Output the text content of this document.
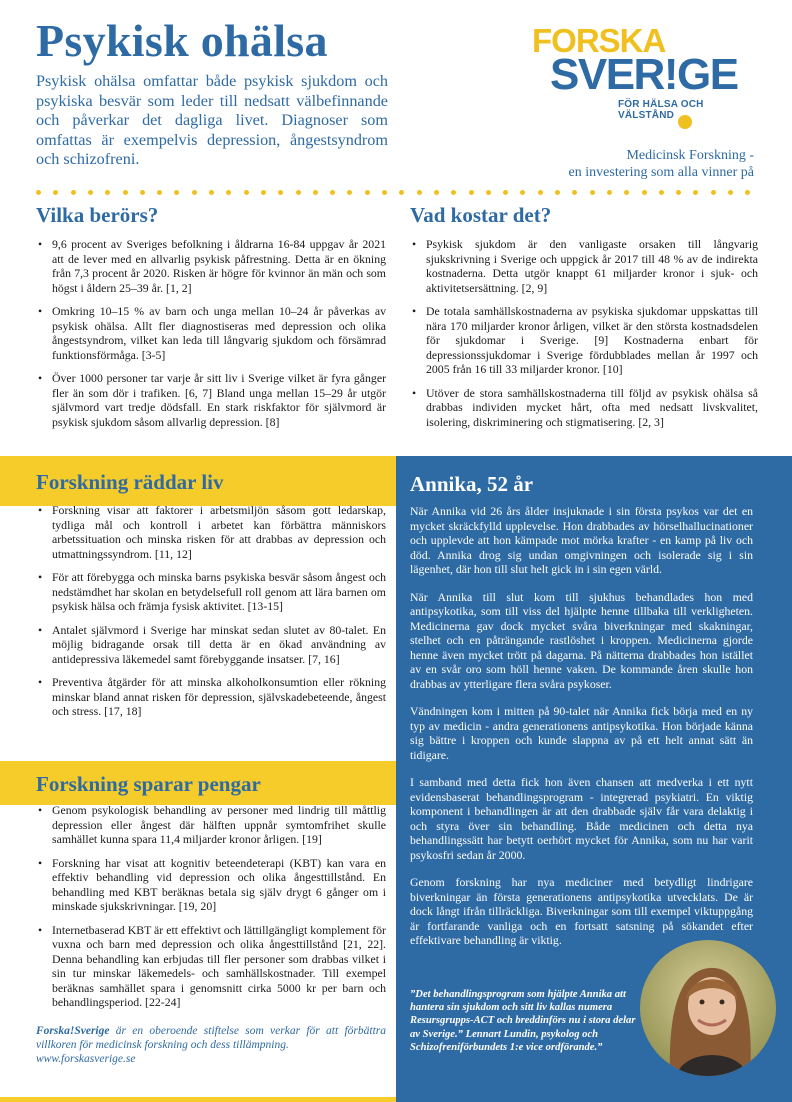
Psykisk ohälsa

Psykisk ohälsa omfattar både psykisk sjukdom och psykiska besvär som leder till nedsatt välbefinnande och påverkar det dagliga livet. Diagnoser som omfattas är exempelvis depression, ångestsyndrom och schizofreni.

FORSKA
SVER!GE
FÖR HÄLSA OCH VÄLSTÅND
Medicinsk Forskning -
en investering som alla vinner på
Vilka berörs?
• 9,6 procent av Sveriges befolkning i åldrarna 16-84 uppgav år 2021 att de lever med en allvarlig psykisk påfrestning. Detta är en ökning från 7,3 procent år 2020. Risken är högre för kvinnor än män och som högst i åldern 25–39 år. [1, 2]
• Omkring 10–15 % av barn och unga mellan 10–24 år påverkas av psykisk ohälsa. Allt fler diagnostiseras med depression och olika ångestsyndrom, vilket kan leda till långvarig sjukdom och försämrad funktionsförmåga. [3-5]
• Över 1000 personer tar varje år sitt liv i Sverige vilket är fyra gånger fler än som dör i trafiken. [6, 7] Bland unga mellan 15–29 år utgör självmord vart tredje dödsfall. En stark riskfaktor för självmord är psykisk sjukdom såsom allvarlig depression. [8]
Vad kostar det?
• Psykisk sjukdom är den vanligaste orsaken till långvarig sjukskrivning i Sverige och uppgick år 2017 till 48 % av de indirekta kostnaderna. Detta utgör knappt 61 miljarder kronor i sjuk- och aktivitetsersättning. [2, 9]
• De totala samhällskostnaderna av psykiska sjukdomar uppskattas till nära 170 miljarder kronor årligen, vilket är den största kostnadsdelen för sjukdomar i Sverige. [9] Kostnaderna enbart för depressionssjukdomar i Sverige fördubblades mellan år 1997 och 2005 från 16 till 33 miljarder kronor. [10]
• Utöver de stora samhällskostnaderna till följd av psykisk ohälsa så drabbas individen mycket hårt, ofta med nedsatt livskvalitet, isolering, diskriminering och stigmatisering. [2, 3]
Forskning räddar liv
• Forskning visar att faktorer i arbetsmiljön såsom gott ledarskap, tydliga mål och kontroll i arbetet kan förbättra människors arbetssituation och minska risken för att drabbas av depression och utmattningssyndrom. [11, 12]
• För att förebygga och minska barns psykiska besvär såsom ångest och nedstämdhet har skolan en betydelsefull roll genom att lära barnen om psykisk hälsa och främja fysisk aktivitet. [13-15]
• Antalet självmord i Sverige har minskat sedan slutet av 80-talet. En möjlig bidragande orsak till detta är en ökad användning av antidepressiva läkemedel samt förebyggande insatser. [7, 16]
• Preventiva åtgärder för att minska alkoholkonsumtion eller rökning minskar bland annat risken för depression, självskadebeteende, ångest och stress. [17, 18]
Forskning sparar pengar
• Genom psykologisk behandling av personer med lindrig till måttlig depression eller ångest där hälften uppnår symtomfrihet skulle samhället kunna spara 11,4 miljarder kronor årligen. [19]
• Forskning har visat att kognitiv beteendeterapi (KBT) kan vara en effektiv behandling vid depression och olika ångesttillstånd. En behandling med KBT beräknas betala sig själv drygt 6 gånger om i minskade sjukskrivningar. [19, 20]
• Internetbaserad KBT är ett effektivt och lättillgängligt komplement för vuxna och barn med depression och olika ångesttillstånd [21, 22]. Denna behandling kan erbjudas till fler personer som drabbas vilket i sin tur minskar läkemedels- och samhällskostnader. Till exempel beräknas samhället spara i genomsnitt cirka 5000 kr per barn och behandlingsperiod. [22-24]

Forska!Sverige är en oberoende stiftelse som verkar för att förbättra villkoren för medicinsk forskning och dess tillämpning.
www.forskasverige.se

Annika, 52 år

När Annika vid 26 års ålder insjuknade i sin första psykos var det en mycket skräckfylld upplevelse. Hon drabbades av hörselhallucinationer och upplevde att hon kämpade mot mörka krafter - en kamp på liv och död. Annika drog sig undan omgivningen och isolerade sig i sin lägenhet, där hon till slut helt gick in i sin egen värld.

När Annika till slut kom till sjukhus behandlades hon med antipsykotika, som till viss del hjälpte henne tillbaka till verkligheten. Medicinerna gav dock mycket svåra biverkningar med skakningar, stelhet och en påträngande rastlöshet i kroppen. Medicinerna gjorde henne även mycket trött på dagarna. På nätterna drabbades hon istället av en svår oro som höll henne vaken. De kommande åren skulle hon drabbas av ytterligare flera svåra psykoser.

Vändningen kom i mitten på 90-talet när Annika fick börja med en ny typ av medicin - andra generationens antipsykotika. Hon började känna sig bättre i kroppen och kunde slappna av på ett helt annat sätt än tidigare.

I samband med detta fick hon även chansen att medverka i ett nytt evidensbaserat behandlingsprogram - integrerad psykiatri. En viktig komponent i behandlingen är att den drabbade själv får vara delaktig i och styra över sin behandling. Både medicinen och detta nya behandlingssätt har betytt oerhört mycket för Annika, som nu har varit psykosfri sedan år 2000.

Genom forskning har nya mediciner med betydligt lindrigare biverkningar än första generationens antipsykotika utvecklats. De är dock långt ifrån tillräckliga. Biverkningar som till exempel viktuppgång är fortfarande vanliga och en fortsatt satsning på sökandet efter effektivare behandling är viktig.

”Det behandlingsprogram som hjälpte Annika att hantera sin sjukdom och sitt liv kallas numera Resursgrupps-ACT och breddinförs nu i stora delar av Sverige.” Lennart Lundin, psykolog och Schizofreniförbundets 1:e vice ordförande.”
